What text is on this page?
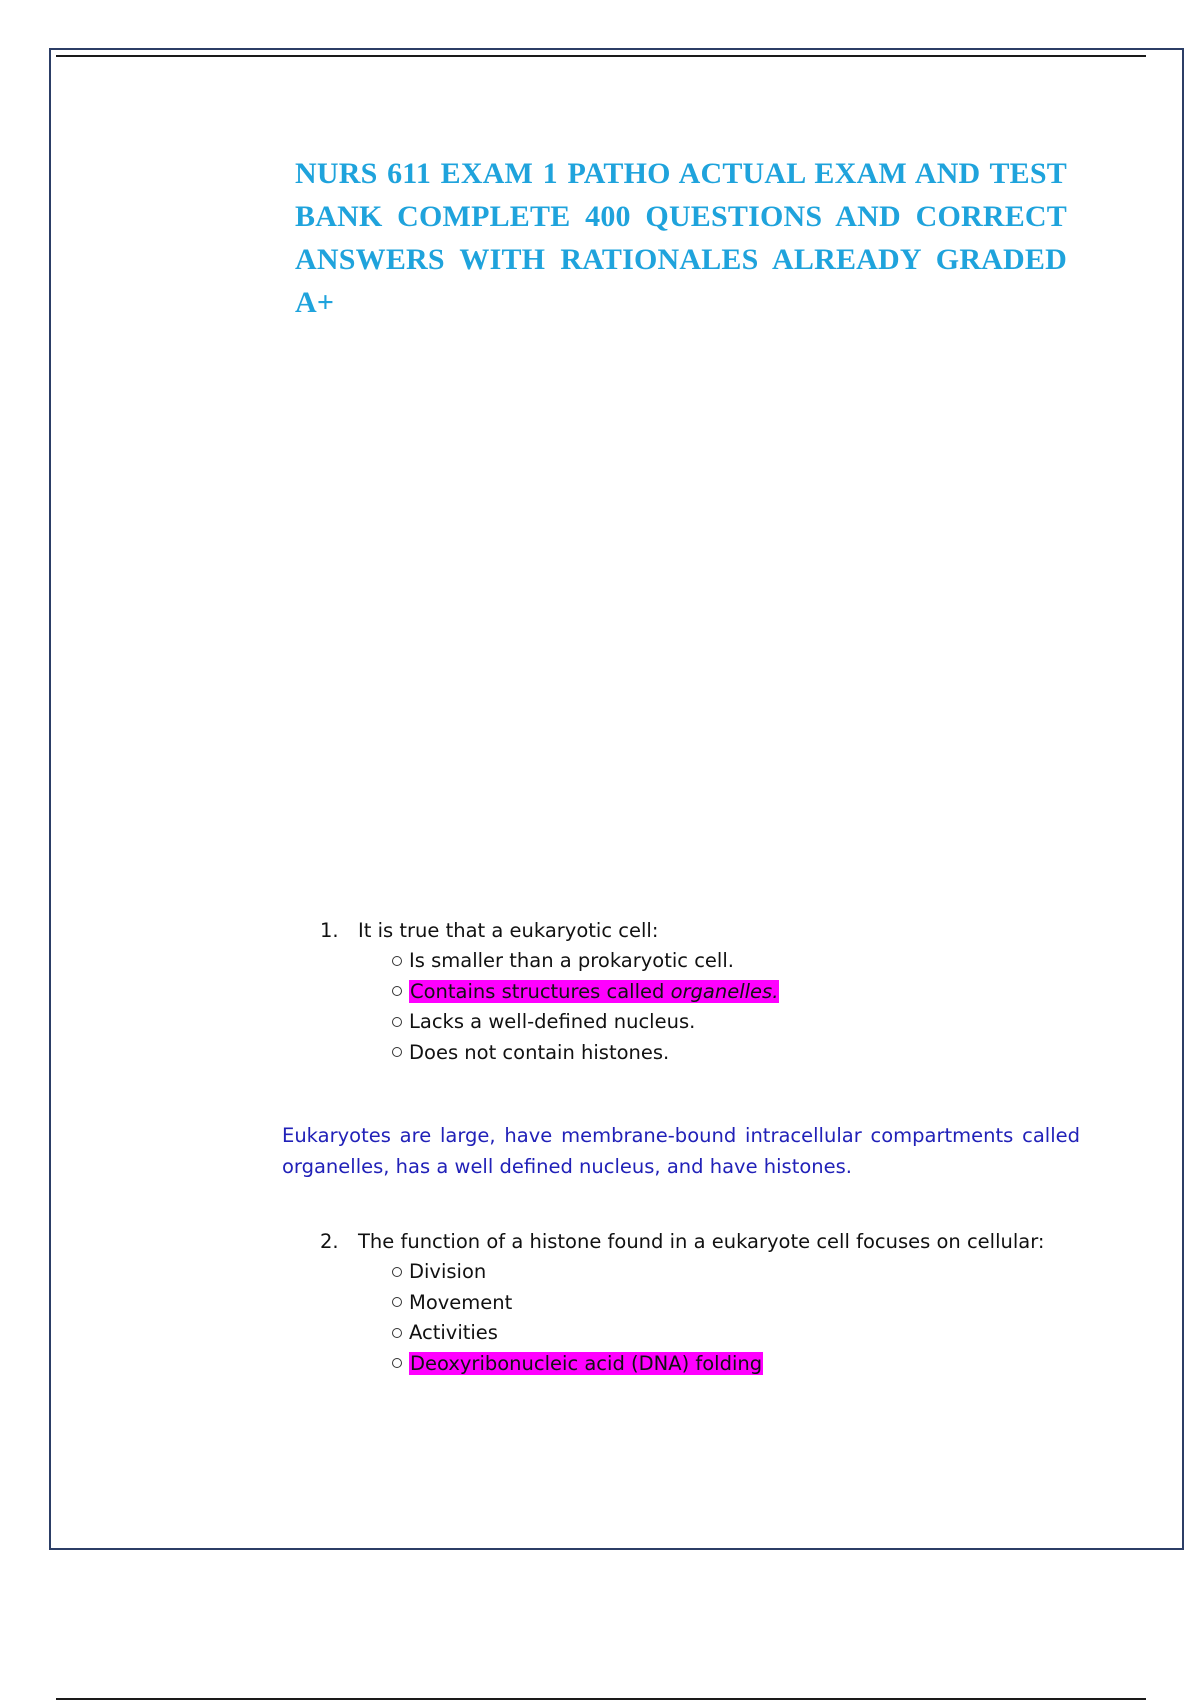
NURS 611 EXAM 1 PATHO ACTUAL EXAM AND TEST BANK COMPLETE 400 QUESTIONS AND CORRECT ANSWERS WITH RATIONALES ALREADY GRADED A+
1. It is true that a eukaryotic cell:
Is smaller than a prokaryotic cell.
Contains structures called organelles.
Lacks a well-defined nucleus.
Does not contain histones.

Eukaryotes are large, have membrane-bound intracellular compartments called organelles, has a well defined nucleus, and have histones.

2. The function of a histone found in a eukaryote cell focuses on cellular:
Division
Movement
Activities
Deoxyribonucleic acid (DNA) folding
